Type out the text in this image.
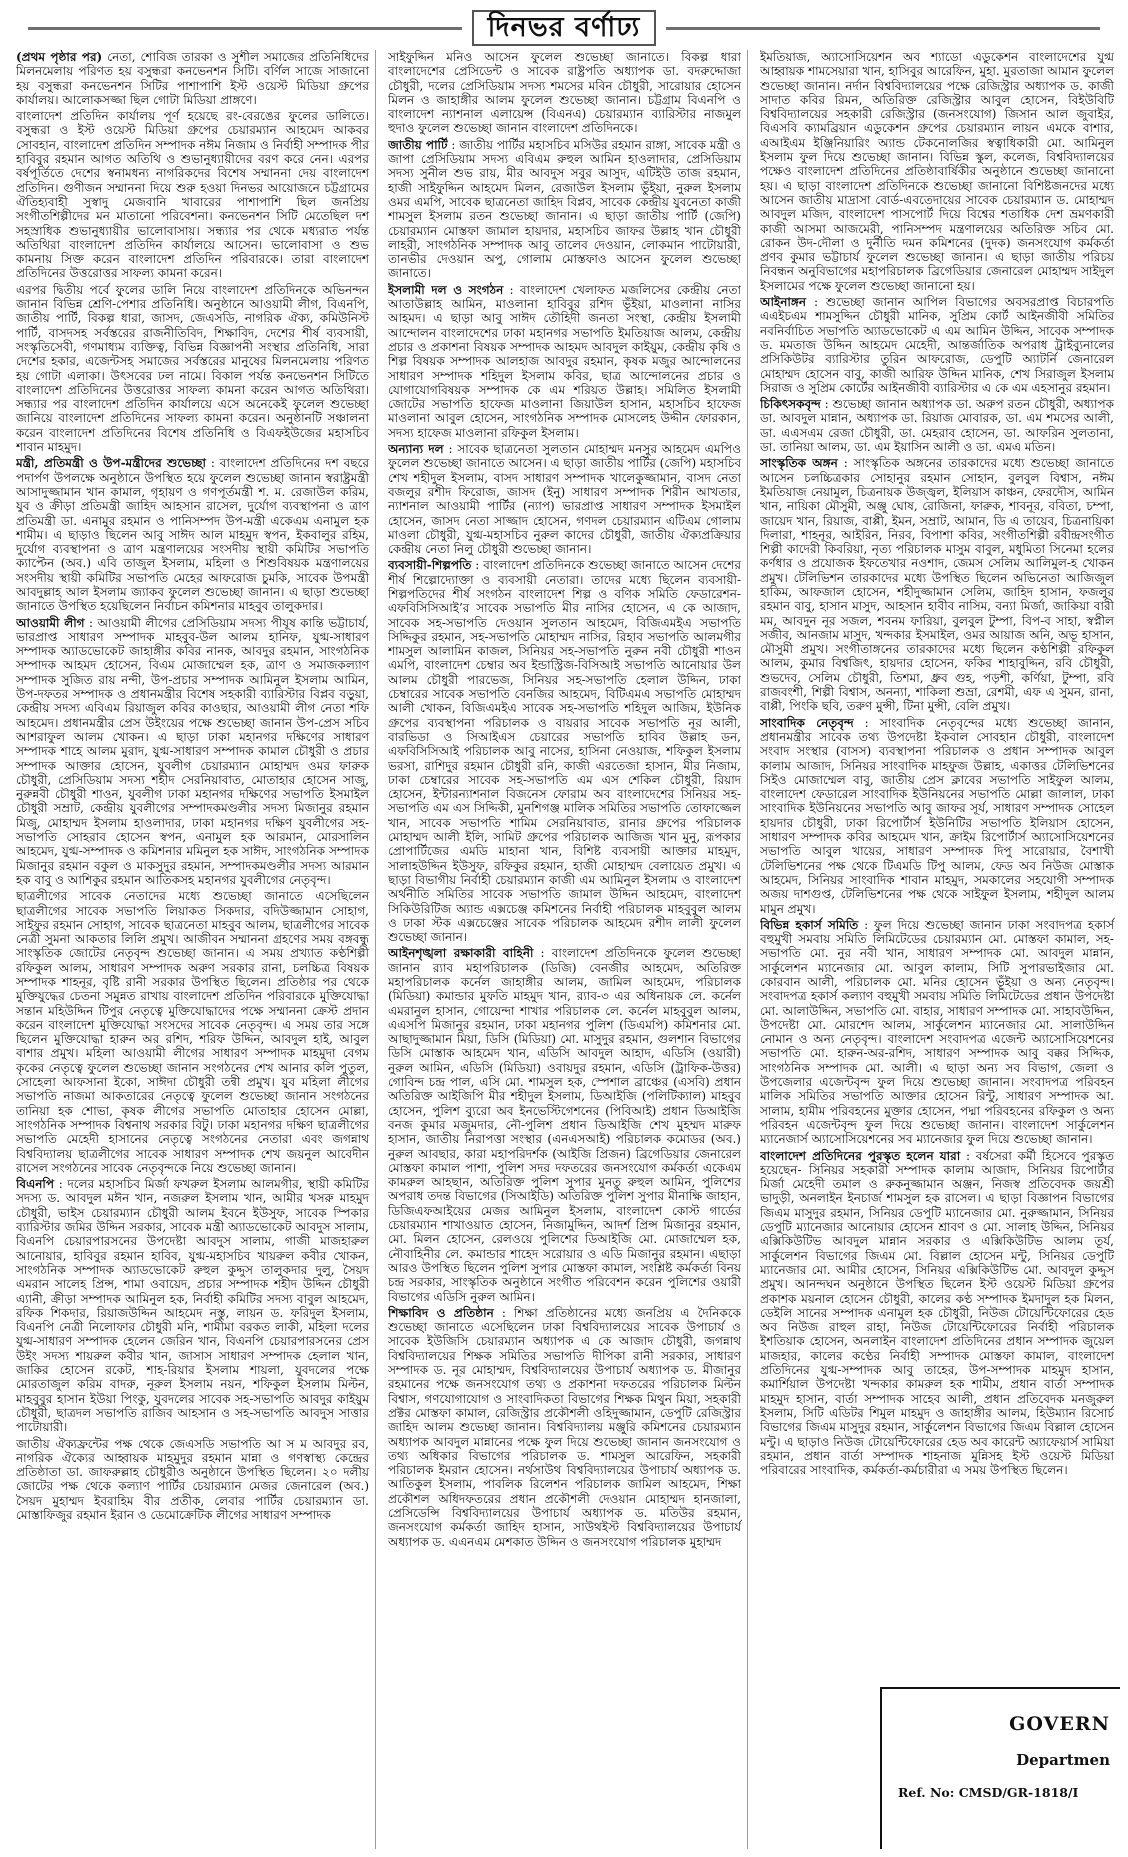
দিনভর বর্ণাঢ্য

(প্রথম পৃষ্ঠার পর) নেতা, শোবিজ তারকা ও সুশীল সমাজের প্রতিনিধিদের মিলনমেলায় পরিণত হয় বসুন্ধরা কনভেনশন সিটি। বর্ণিল সাজে সাজানো হয় বসুন্ধরা কনভেনশন সিটির পাশাপাশি ইস্ট ওয়েস্ট মিডিয়া গ্রুপের কার্যালয়। আলোকসজ্জা ছিল গোটা মিডিয়া প্রাঙ্গণে।

বাংলাদেশ প্রতিদিন কার্যালয় পূর্ণ হয়েছে রং-বেরঙের ফুলের ডালিতে। বসুন্ধরা ও ইস্ট ওয়েস্ট মিডিয়া গ্রুপের চেয়ারম্যান আহমেদ আকবর সোবহান, বাংলাদেশ প্রতিদিন সম্পাদক নঈম নিজাম ও নির্বাহী সম্পাদক পীর হাবিবুর রহমান আগত অতিথি ও শুভানুধ্যায়ীদের বরণ করে নেন। এরপর বর্ষপূর্তিতে দেশের স্বনামধন্য নাগরিকদের বিশেষ সম্মাননা দেয় বাংলাদেশ প্রতিদিন। গুণীজন সম্মাননা দিয়ে শুরু হওয়া দিনভর আয়োজনে চট্টগ্রামের ঐতিহ্যবাহী সুস্বাদু মেজবানি খাবারের পাশাপাশি ছিল জনপ্রিয় সংগীতশিল্পীদের মন মাতানো পরিবেশনা। কনভেনশন সিটি মেতেছিল দশ সহস্রাধিক শুভানুধ্যায়ীর ভালোবাসায়। সন্ধ্যার পর থেকে মধ্যরাত পর্যন্ত অতিথিরা বাংলাদেশ প্রতিদিন কার্যালয়ে আসেন। ভালোবাসা ও শুভ কামনায় সিক্ত করেন বাংলাদেশ প্রতিদিন পরিবারকে। তারা বাংলাদেশ প্রতিদিনের উত্তরোত্তর সাফল্য কামনা করেন।

এরপর দ্বিতীয় পর্বে ফুলের ডালি নিয়ে বাংলাদেশ প্রতিদিনকে অভিনন্দন জানান বিভিন্ন শ্রেণি-পেশার প্রতিনিধি। অনুষ্ঠানে আওয়ামী লীগ, বিএনপি, জাতীয় পার্টি, বিকল্প ধারা, জাসদ, জেএসডি, নাগরিক ঐক্য, কমিউনিস্ট পার্টি, বাসদসহ সর্বস্তরের রাজনীতিবিদ, শিক্ষাবিদ, দেশের শীর্ষ ব্যবসায়ী, সংস্কৃতিসেবী, গণমাধ্যম ব্যক্তিত্ব, বিভিন্ন বিজ্ঞাপনী সংস্থার প্রতিনিধি, সারা দেশের হকার, এজেন্টসহ সমাজের সর্বস্তরের মানুষের মিলনমেলায় পরিণত হয় গোটা এলাকা। উৎসবের ঢল নামে। বিকাল পর্যন্ত কনভেনশন সিটিতে বাংলাদেশ প্রতিদিনের উত্তরোত্তর সাফল্য কামনা করেন আগত অতিথিরা। সন্ধ্যার পর বাংলাদেশ প্রতিদিন কার্যালয়ে এসে অনেকেই ফুলেল শুভেচ্ছা জানিয়ে বাংলাদেশ প্রতিদিনের সাফল্য কামনা করেন। অনুষ্ঠানটি সঞ্চালনা করেন বাংলাদেশ প্রতিদিনের বিশেষ প্রতিনিধি ও বিএফইউজের মহাসচিব শাবান মাহমুদ।

মন্ত্রী, প্রতিমন্ত্রী ও উপ-মন্ত্রীদের শুভেচ্ছা : বাংলাদেশ প্রতিদিনের দশ বছরে পদার্পণ উপলক্ষে অনুষ্ঠানে উপস্থিত হয়ে ফুলেল শুভেচ্ছা জানান স্বরাষ্ট্রমন্ত্রী আসাদুজ্জামান খান কামাল, গৃহায়ণ ও গণপূর্তমন্ত্রী শ. ম. রেজাউল করিম, যুব ও ক্রীড়া প্রতিমন্ত্রী জাহিদ আহসান রাসেল, দুর্যোগ ব্যবস্থাপনা ও ত্রাণ প্রতিমন্ত্রী ডা. এনামুর রহমান ও পানিসম্পদ উপ-মন্ত্রী একেএম এনামুল হক শামীম। এ ছাড়াও ছিলেন আবু সাঈদ আল মাহমুদ স্বপন, ইকবালুর রহিম, দুর্যোগ ব্যবস্থাপনা ও ত্রাণ মন্ত্রণালয়ের সংসদীয় স্থায়ী কমিটির সভাপতি ক্যাপ্টেন (অব.) এবি তাজুল ইসলাম, মহিলা ও শিশুবিষয়ক মন্ত্রণালয়ের সংসদীয় স্থায়ী কমিটির সভাপতি মেহের আফরোজ চুমকি, সাবেক উপমন্ত্রী আবদুল্লাহ আল ইসলাম জ্যাকব ফুলেল শুভেচ্ছা জানান। এ ছাড়া শুভেচ্ছা জানাতে উপস্থিত হয়েছিলেন নির্বাচন কমিশনার মাহবুব তালুকদার।

আওয়ামী লীগ : আওয়ামী লীগের প্রেসিডিয়াম সদস্য পীযূষ কান্তি ভট্টাচার্য, ভারপ্রাপ্ত সাধারণ সম্পাদক মাহবুব-উল আলম হানিফ, যুগ্ম-সাধারণ সম্পাদক অ্যাডভোকেট জাহাঙ্গীর কবির নানক, আবদুর রহমান, সাংগঠনিক সম্পাদক আহমদ হোসেন, বিএম মোজাম্মেল হক, ত্রাণ ও সমাজকল্যাণ সম্পাদক সুজিত রায় নন্দী, উপ-প্রচার সম্পাদক আমিনুল ইসলাম আমিন, উপ-দফতর সম্পাদক ও প্রধানমন্ত্রীর বিশেষ সহকারী ব্যারিস্টার বিপ্লব বড়ুয়া, কেন্দ্রীয় সদস্য এবিএম রিয়াজুল কবির কাওছার, আওয়ামী লীগ নেতা শফি আহমেদ। প্রধানমন্ত্রীর প্রেস উইংয়ের পক্ষে শুভেচ্ছা জানান উপ-প্রেস সচিব আশরাফুল আলম খোকন। এ ছাড়া ঢাকা মহানগর দক্ষিণের সাধারণ সম্পাদক শাহে আলম মুরাদ, যুগ্ম-সাধারণ সম্পাদক কামাল চৌধুরী ও প্রচার সম্পাদক আক্তার হোসেন, যুবলীগ চেয়ারম্যান মোহাম্মদ ওমর ফারুক চৌধুরী, প্রেসিডিয়াম সদস্য শহীদ সেরনিয়াবাত, মোতাহার হোসেন সাজু, নুরুন্নবী চৌধুরী শাওন, যুবলীগ ঢাকা মহানগর দক্ষিণের সভাপতি ইসমাইল চৌধুরী সম্রাট, কেন্দ্রীয় যুবলীগের সম্পাদকমণ্ডলীর সদস্য মিজানুর রহমান মিজু, মোহাম্মদ ইসলাম হাওলাদার, ঢাকা মহানগর দক্ষিণ যুবলীগের সহ-সভাপতি সোহরাব হোসেন স্বপন, এনামুল হক আরমান, মোরসালিন আহমেদ, যুগ্ম-সম্পাদক ও কমিশনার মমিনুল হক সাঈদ, সাংগঠনিক সম্পাদক মিজানুর রহমান বকুল ও মাকসুদুর রহমান, সম্পাদকমণ্ডলীর সদস্য আরমান হক বাবু ও আশিকুর রহমান আতিকসহ মহানগর যুবলীগের নেতৃবৃন্দ।

ছাত্রলীগের সাবেক নেতাদের মধ্যে শুভেচ্ছা জানাতে এসেছিলেন ছাত্রলীগের সাবেক সভাপতি লিয়াকত সিকদার, বদিউজ্জামান সোহাগ, সাইফুর রহমান সোহাগ, সাবেক ছাত্রনেতা মাহবুব আলম, ছাত্রলীগের সাবেক নেত্রী সুমনা আকতার লিলি প্রমুখ। আজীবন সম্মাননা গ্রহণের সময় বঙ্গবন্ধু সাংস্কৃতিক জোটের নেতৃবৃন্দ শুভেচ্ছা জানান। এ সময় প্রখ্যাত কণ্ঠশিল্পী রফিকুল আলম, সাধারণ সম্পাদক অরুণ সরকার রানা, চলচ্চিত্র বিষয়ক সম্পাদক শাহনূর, বৃষ্টি রানী সরকার উপস্থিত ছিলেন। প্রতিষ্ঠার পর থেকে মুক্তিযুদ্ধের চেতনা সমুন্নত রাখায় বাংলাদেশ প্রতিদিন পরিবারকে মুক্তিযোদ্ধা সন্তান মহিউদ্দিন টিপুর নেতৃত্বে মুক্তিযোদ্ধাদের পক্ষে সম্মাননা ক্রেস্ট প্রদান করেন বাংলাদেশ মুক্তিযোদ্ধা সংসদের সাবেক নেতৃবৃন্দ। এ সময় তার সঙ্গে ছিলেন মুক্তিযোদ্ধা হারুন অর রশিদ, শরিফ উদ্দিন, আবদুল হাই, আবুল বাশার প্রমুখ। মহিলা আওয়ামী লীগের সাধারণ সম্পাদক মাহমুদা বেগম কৃকের নেতৃত্বে ফুলেল শুভেচ্ছা জানান সংগঠনের শেখ আনার কলি পুতুল, সোহেলা আফসানা ইকো, সাঈদা চৌধুরী তন্বী প্রমুখ। যুব মহিলা লীগের সভাপতি নাজমা আকতারের নেতৃত্বে ফুলেল শুভেচ্ছা জানান সংগঠনের তানিয়া হক শোভা, কৃষক লীগের সভাপতি মোতাহার হোসেন মোল্লা, সাংগঠনিক সম্পাদক বিশ্বনাথ সরকার বিটু। ঢাকা মহানগর দক্ষিণ ছাত্রলীগের সভাপতি মেহেদী হাসানের নেতৃত্বে সংগঠনের নেতারা এবং জগন্নাথ বিশ্ববিদ্যালয় ছাত্রলীগের সাবেক সাধারণ সম্পাদক শেখ জয়নুল আবেদীন রাসেল সংগঠনের সাবেক নেতৃবৃন্দকে নিয়ে শুভেচ্ছা জানান।

বিএনপি : দলের মহাসচিব মির্জা ফখরুল ইসলাম আলমগীর, স্থায়ী কমিটির সদস্য ড. আবদুল মঈন খান, নজরুল ইসলাম খান, আমীর খসরু মাহমুদ চৌধুরী, ভাইস চেয়ারম্যান চৌধুরী আলম ইবনে ইউসুফ, সাবেক স্পিকার ব্যারিস্টার জমির উদ্দিন সরকার, সাবেক মন্ত্রী অ্যাডভোকেট আবদুস সালাম, বিএনপি চেয়ারপারসনের উপদেষ্টা আবদুস সালাম, গাজী মাজহারুল আনোয়ার, হাবিবুর রহমান হাবিব, যুগ্ম-মহাসচিব খায়রুল কবীর খোকন, সাংগঠনিক সম্পাদক অ্যাডভোকেট রুহুল কুদ্দুস তালুকদার দুলু, সৈয়দ এমরান সালেহ প্রিন্স, শামা ওবায়েদ, প্রচার সম্পাদক শহীদ উদ্দিন চৌধুরী এ্যানী, ক্রীড়া সম্পাদক আমিনুল হক, নির্বাহী কমিটির সদস্য বাবুল আহমেদ, রফিক শিকদার, রিয়াজউদ্দিন আহমেদ নস্তু, লায়ন ড. ফরিদুল ইসলাম, বিএনপি নেত্রী নিলোফার চৌধুরী মনি, শামীমা বরকত লাকী, মহিলা দলের যুগ্ম-সাধারণ সম্পাদক হেলেন জেরিন খান, বিএনপি চেয়ারপারসনের প্রেস উইং সদস্য শায়রুল কবীর খান, জাসাস সাধারণ সম্পাদক হেলাল খান, জাকির হোসেন রকেট, শাহ-রিয়ার ইসলাম শায়লা, যুবদলের পক্ষে মোরতাজুল করিম বাদরু, নূরুল ইসলাম নয়ন, শফিকুল ইসলাম মিল্টন, মাহবুবুর হাসান ইউয়া পিংকু, যুবদলের সাবেক সহ-সভাপতি আবদুর কাইয়ুম চৌধুরী, ছাত্রদল সভাপতি রাজিব আহসান ও সহ-সভাপতি আবদুস সাত্তার পাটোয়ারী।

জাতীয় ঐক্যফ্রন্টের পক্ষ থেকে জেএসডি সভাপতি আ স ম আবদুর রব, নাগরিক ঐক্যের আহ্বায়ক মাহমুদুর রহমান মান্না ও গণস্বাস্থ্য কেন্দ্রের প্রতিষ্ঠাতা ডা. জাফরুল্লাহ চৌধুরীও অনুষ্ঠানে উপস্থিত ছিলেন। ২০ দলীয় জোটের পক্ষ থেকে কল্যাণ পার্টির চেয়ারম্যান মেজর জেনারেল (অব.) সৈয়দ মুহাম্মদ ইবরাহিম বীর প্রতীক, লেবার পার্টির চেয়ারম্যান ডা. মোস্তাফিজুর রহমান ইরান ও ডেমোক্রেটিক লীগের সাধারণ সম্পাদক

সাইফুদ্দিন মনিও আসেন ফুলেল শুভেচ্ছা জানাতে। বিকল্প ধারা বাংলাদেশের প্রেসিডেন্ট ও সাবেক রাষ্ট্রপতি অধ্যাপক ডা. বদরুদ্দোজা চৌধুরী, দলের প্রেসিডিয়াম সদস্য শমসের মবিন চৌধুরী, সারোয়ার হোসেন মিলন ও জাহাঙ্গীর আলম ফুলেল শুভেচ্ছা জানান। চট্টগ্রাম বিএনপি ও বাংলাদেশ ন্যাশনাল এলায়েন্স (বিএনএ) চেয়ারম্যান ব্যারিস্টার নাজমুল হুদাও ফুলেল শুভেচ্ছা জানান বাংলাদেশ প্রতিদিনকে।

জাতীয় পার্টি : জাতীয় পার্টির মহাসচিব মসিউর রহমান রাঙ্গা, সাবেক মন্ত্রী ও জাপা প্রেসিডিয়াম সদস্য এবিএম রুহুল আমিন হাওলাদার, প্রেসিডিয়াম সদস্য সুনীল শুভ রায়, মীর আবদুস সবুর আসুদ, এটিইউ তাজ রহমান, হাজী সাইফুদ্দিন আহমেদ মিলন, রেজাউল ইসলাম ভুঁইয়া, নুরুল ইসলাম ওমর এমপি, সাবেক ছাত্রনেতা জাহিদ বিপ্লব, সাবেক কেন্দ্রীয় যুবনেতা কাজী শামসুল ইসলাম রতন শুভেচ্ছা জানান। এ ছাড়া জাতীয় পার্টি (জেপি) চেয়ারম্যান মোস্তফা জামাল হায়দার, মহাসচিব জাফর উল্লাহ খান চৌধুরী লাহরী, সাংগঠনিক সম্পাদক আবু তালেব দেওয়ান, লোকমান পাটোয়ারী, তানভীর দেওয়ান অপু, গোলাম মোস্তফাও আসেন ফুলেল শুভেচ্ছা জানাতে।

ইসলামী দল ও সংগঠন : বাংলাদেশ খেলাফত মজলিসের কেন্দ্রীয় নেতা আতাউল্লাহ আমিন, মাওলানা হাবিবুর রশিদ ভূঁইয়া, মাওলানা নাসির আহমদ। এ ছাড়া আবু সাঈদ তৌহিদী জনতা সংস্থা, কেন্দ্রীয় ইসলামী আন্দোলন বাংলাদেশের ঢাকা মহানগর সভাপতি ইমতিয়াজ আলম, কেন্দ্রীয় প্রচার ও প্রকাশনা বিষয়ক সম্পাদক আহমদ আবদুল কাইয়ুম, কেন্দ্রীয় কৃষি ও শিল্প বিষয়ক সম্পাদক আলহাজ আবদুর রহমান, কৃষক মজুর আন্দোলনের সাধারণ সম্পাদক শহিদুল ইসলাম কবির, ছাত্র আন্দোলনের প্রচার ও যোগাযোগবিষয়ক সম্পাদক কে এম শরিয়ত উল্লাহ। সমিলিত ইসলামী জোটের সভাপতি হাফেজ মাওলানা জিয়াউল হাসান, মহাসচিব হাফেজ মাওলানা আবুল হোসেন, সাংগঠনিক সম্পাদক মোসলেহ উদ্দীন ফোরকান, সদস্য হাফেজ মাওলানা রফিকুল ইসলাম।

অন্যান্য দল : সাবেক ছাত্রনেতা সুলতান মোহাম্মদ মনসুর আহমেদ এমপিও ফুলেল শুভেচ্ছা জানাতে আসেন। এ ছাড়া জাতীয় পার্টির (জেপি) মহাসচিব শেখ শহীদুল ইসলাম, বাসদ সাধারণ সম্পাদক খালেকুজ্জামান, বাসদ নেতা বজলুর রশীদ ফিরোজ, জাসদ (ইনু) সাধারণ সম্পাদক শিরীন আখতার, ন্যাশনাল আওয়ামী পার্টির (ন্যাপ) ভারপ্রাপ্ত সাধারণ সম্পাদক ইসমাইল হোসেন, জাসদ নেতা সাজ্জাদ হোসেন, গণদল চেয়ারম্যান এটিএম গোলাম মাওলা চৌধুরী, যুগ্ম-মহাসচিব নুরুল কাদের চৌধুরী, জাতীয় ঐক্যপ্রক্রিয়ার কেন্দ্রীয় নেতা নিলু চৌধুরী শুভেচ্ছা জানান।

ব্যবসায়ী-শিল্পপতি : বাংলাদেশ প্রতিদিনকে শুভেচ্ছা জানাতে আসেন দেশের শীর্ষ শিল্পোদ্যোক্তা ও ব্যবসায়ী নেতারা। তাদের মধ্যে ছিলেন ব্যবসায়ী-শিল্পপতিদের শীর্ষ সংগঠন বাংলাদেশ শিল্প ও বণিক সমিতি ফেডারেশন-এফবিসিসিআই’র সাবেক সভাপতি মীর নাসির হোসেন, এ কে আজাদ, সাবেক সহ-সভাপতি দেওয়ান সুলতান আহমেদ, বিজিএমইএ সভাপতি সিদ্দিকুর রহমান, সহ-সভাপতি মোহাম্মদ নাসির, রিহাব সভাপতি আলমগীর শামসুল আলামিন কাজল, সিনিয়র সহ-সভাপতি নুরুন নবী চৌধুরী শাওন এমপি, বাংলাদেশ চেম্বার অব ইন্ডাস্ট্রিজ-বিসিআই সভাপতি আনোয়ার উল আলম চৌধুরী পারভেজ, সিনিয়র সহ-সভাপতি হেলাল উদ্দিন, ঢাকা চেম্বারের সাবেক সভাপতি বেনজির আহমেদ, বিটিএমএ সভাপতি মোহাম্মদ আলী খোকন, বিজিএমইএ সাবেক সহ-সভাপতি শহিদুল আজিম, ইউনিক গ্রুপের ব্যবস্থাপনা পরিচালক ও বায়রার সাবেক সভাপতি নূর আলী, বারভিডা ও সিআইএস চেয়ারের সভাপতি হাবিব উল্লাহ ডন, এফবিসিসিআই পরিচালক আবু নাসের, হাসিনা নেওয়াজ, শফিকুল ইসলাম ভরসা, রাশিদুর রহমান চৌধুরী রনি, কাজী এরতেজা হাসান, মীর নিজাম, ঢাকা চেম্বারের সাবেক সহ-সভাপতি এম এস শেকিল চৌধুরী, রিয়াদ হোসেন, ইন্টারন্যাশনাল বিজনেস ফোরাম অব বাংলাদেশের সিনিয়র সহ-সভাপতি এম এস সিদ্দিকী, মুনশিগঞ্জ মালিক সমিতির সভাপতি তোফাজ্জেল খান, সাবেক সভাপতি শামিম সেরনিয়াবাত, রানার গ্রুপের পরিচালক মোহাম্মদ আলী ইলি, সামিট গ্রুপের পরিচালক আজিজ খান মুনু, রূপকার প্রোপার্টিজের এমডি মাহানা খান, বিশিষ্ট ব্যবসায়ী আক্তার মাহমুদ, সালাহউদ্দিন ইউসুফ, রফিকুর রহমান, হাজী মোহাম্মদ বেলায়েত প্রমুখ। এ ছাড়া বিভাগীয় নির্বাহী চেয়ারম্যান কাজী এম আমিনুল ইসলাম ও বাংলাদেশ অর্থনীতি সমিতির সাবেক সভাপতি জামাল উদ্দিন আহমেদ, বাংলাদেশ সিকিউরিটিজ অ্যান্ড এক্সচেঞ্জ কমিশনের নির্বাহী পরিচালক মাহবুবুল আলম ও ঢাকা স্টক এক্সচেঞ্জের সাবেক পরিচালক আহমেদ রশীদ লালী ফুলেল শুভেচ্ছা জানান।

আইনশৃঙ্খলা রক্ষাকারী বাহিনী : বাংলাদেশ প্রতিদিনকে ফুলেল শুভেচ্ছা জানান র‌্যাব মহাপরিচালক (ডিজি) বেনজীর আহমেদ, অতিরিক্ত মহাপরিচালক কর্নেল জাহাঙ্গীর আলম, জামিল আহমেদ, পরিচালক (মিডিয়া) কমান্ডার মুফতি মাহমুদ খান, র‌্যাব-৩ এর অধিনায়ক লে. কর্নেল এমরানুল হাসান, গোয়েন্দা শাখার পরিচালক লে. কর্নেল মাহবুবুল আলম, এএসপি মিজানুর রহমান, ঢাকা মহানগর পুলিশ (ডিএমপি) কমিশনার মো. আছাদুজ্জামান মিয়া, ডিসি (মিডিয়া) মো. মাসুদুর রহমান, গুলশান বিভাগের ডিসি মোস্তাক আহমেদ খান, এডিসি আবদুল আহাদ, এডিসি (ওয়ারী) নুরুল আমিন, এডিসি (মিডিয়া) ওবায়দুর রহমান, এডিসি (ট্রাফিক-উত্তর) গোবিন্দ চন্দ্র পাল, এসি মো. শামসুল হক, স্পেশাল ব্রাঞ্চের (এসবি) প্রধান অতিরিক্ত আইজিপি মীর শহীদুল ইসলাম, ডিআইজি (পলিটিক্যাল) মাহবুব হোসেন, পুলিশ ব্যুরো অব ইনভেস্টিগেশনের (পিবিআই) প্রধান ডিআইজি বনজ কুমার মজুমদার, নৌ-পুলিশ প্রধান ডিআইজি শেখ মুহম্মদ মারুফ হাসান, জাতীয় নিরাপত্তা সংস্থার (এনএসআই) পরিচালক কমোডর (অব.) নুরুল আবছার, কারা মহাপরিদর্শক (আইজি প্রিজন) ব্রিগেডিয়ার জেনারেল মোস্তফা কামাল পাশা, পুলিশ সদর দফতরের জনসংযোগ কর্মকর্তা একেএম কামরুল আহছান, অতিরিক্ত পুলিশ সুপার মুনতু রুহুল আমিন, পুলিশের অপরাধ তদন্ত বিভাগের (সিআইডি) অতিরিক্ত পুলিশ সুপার মীনাক্ষি জাহান, ডিজিএফআইয়ের মেজর আমিনুল ইসলাম, বাংলাদেশ কোস্ট গার্ডের চেয়ারম্যান শাখাওয়াত হোসেন, নিজামুদ্দিন, আদর্শ প্রিন্স মিজানুর রহমান, মো. মিলন হোসেন, রেলওয়ে পুলিশের ডিআইজি মো. মোজাম্মেল হক, নৌবাহিনীর লে. কমান্ডার শাহেদ সরোয়ার ও এডি মিজানুর রহমান। এছাড়া আরও উপস্থিত ছিলেন পুলিশ সুপার মোস্তফা কামাল, সংশ্লিষ্ট কর্মকর্তা বিনয় চন্দ্র সরকার, সাংস্কৃতিক অনুষ্ঠানে সংগীত পরিবেশন করেন পুলিশের ওয়ারী বিভাগের এডিসি নুরুল আমিন।

শিক্ষাবিদ ও প্রতিষ্ঠান : শিক্ষা প্রতিষ্ঠানের মধ্যে জনপ্রিয় এ দৈনিককে শুভেচ্ছা জানাতে এসেছিলেন ঢাকা বিশ্ববিদ্যালয়ের সাবেক উপাচার্য ও সাবেক ইউজিসি চেয়ারম্যান অধ্যাপক এ কে আজাদ চৌধুরী, জগন্নাথ বিশ্ববিদ্যালয়ের শিক্ষক সমিতির সভাপতি দীপিকা রানী সরকার, সাধারণ সম্পাদক ড. নূর মোহাম্মদ, বিশ্ববিদ্যালয়ের উপাচার্য অধ্যাপক ড. মীজানুর রহমানের পক্ষে জনসংযোগ তথ্য ও প্রকাশনা দফতরের পরিচালক মিল্টন বিশ্বাস, গণযোগাযোগ ও সাংবাদিকতা বিভাগের শিক্ষক মিথুন মিয়া, সহকারী প্রক্টর মোস্তফা কামাল, রেজিস্ট্রার প্রকৌশলী ওহিদুজ্জামান, ডেপুটি রেজিস্ট্রার জাহিদ আলম শুভেচ্ছা জানান। বিশ্ববিদ্যালয় মঞ্জুরি কমিশনের চেয়ারম্যান অধ্যাপক আবদুল মান্নানের পক্ষে ফুল দিয়ে শুভেচ্ছা জানান জনসংযোগ ও তথ্য অধিকার বিভাগের পরিচালক ড. শামসুল আরেফিন, সহকারী পরিচালক ইমরান হোসেন। নর্থসাউথ বিশ্ববিদ্যালয়ের উপাচার্য অধ্যাপক ড. আতিকুল ইসলাম, পাবলিক রিলেশন পরিচালক জামিল আহমেদ, শিক্ষা প্রকৌশল অধিদফতরের প্রধান প্রকৌশলী দেওয়ান মোহাম্মদ হানজালা, প্রেসিডেন্সি বিশ্ববিদ্যালয়ের উপাচার্য অধ্যাপক ড. মতিউর রহমান, জনসংযোগ কর্মকর্তা জাহিদ হাসান, সাউথইস্ট বিশ্ববিদ্যালয়ের উপাচার্য অধ্যাপক ড. এএনএম মেশকাত উদ্দিন ও জনসংযোগ পরিচালক মুহাম্মদ

ইমতিয়াজ, অ্যাসোসিয়েশন অব শ্যাডো এডুকেশন বাংলাদেশের যুগ্ম আহ্বায়ক শামসেয়ারা খান, হাসিবুর আরেফিন, মুহা. মুরতাজা আমান ফুলেল শুভেচ্ছা জানান। নর্দান বিশ্ববিদ্যালয়ের পক্ষে রেজিস্ট্রার অধ্যাপক ড. কাজী সাদাত কবির রিমন, অতিরিক্ত রেজিস্ট্রার আবুল হোসেন, বিইউবিটি বিশ্ববিদ্যালয়ের সহকারী রেজিস্ট্রার (জনসংযোগ) জিসান আল জুবাইর, বিএসবি ক্যামব্রিয়ান এডুকেশন গ্রুপের চেয়ারম্যান লায়ন এমকে বাশার, এআইএম ইঞ্জিনিয়ারিং অ্যান্ড টেকনোলজির স্বত্বাধিকারী মো. আমিনুল ইসলাম ফুল দিয়ে শুভেচ্ছা জানান। বিভিন্ন স্কুল, কলেজ, বিশ্ববিদ্যালয়ের পক্ষেও বাংলাদেশ প্রতিদিনের প্রতিষ্ঠাবার্ষিকীর অনুষ্ঠানে শুভেচ্ছা জানানো হয়। এ ছাড়া বাংলাদেশ প্রতিদিনকে শুভেচ্ছা জানানো বিশিষ্টজনদের মধ্যে আসেন জাতীয় মাদ্রাসা বোর্ড-এবতেদায়ের সাবেক চেয়ারম্যান ড. মোহাম্মদ আবদুল মজিদ, বাংলাদেশ পাসপোর্ট দিয়ে বিশ্বের শতাধিক দেশ ভ্রমণকারী কাজী আসমা আজমেরী, পানিসম্পদ মন্ত্রণালয়ের অতিরিক্ত সচিব মো. রোকন উদ-দৌলা ও দুর্নীতি দমন কমিশনের (দুদক) জনসংযোগ কর্মকর্তা প্রণব কুমার ভট্টাচার্য ফুলেল শুভেচ্ছা জানান। এ ছাড়া জাতীয় পরিচয় নিবন্ধন অনুবিভাগের মহাপরিচালক ব্রিগেডিয়ার জেনারেল মোহাম্মদ সাইদুল ইসলামের পক্ষে ফুলেল শুভেচ্ছা জানানো হয়।

আইনাঙ্গন : শুভেচ্ছা জানান আপিল বিভাগের অবসরপ্রাপ্ত বিচারপতি এএইচএম শামসুদ্দিন চৌধুরী মানিক, সুপ্রিম কোর্ট আইনজীবী সমিতির নবনির্বাচিত সভাপতি অ্যাডভোকেট এ এম আমিন উদ্দিন, সাবেক সম্পাদক ড. মমতাজ উদ্দিন আহমেদ মেহেদী, আন্তর্জাতিক অপরাধ ট্রাইব্যুনালের প্রসিকিউটর ব্যারিস্টার তুরিন আফরোজ, ডেপুটি অ্যাটর্নি জেনারেল মোহাম্মদ হোসেন বাবু, কাজী আরিফ উদ্দিন মানিক, শেখ সিরাজুল ইসলাম সিরাজ ও সুপ্রিম কোর্টের আইনজীবী ব্যারিস্টার এ কে এম এহসানুর রহমান।

চিকিৎসকবৃন্দ : শুভেচ্ছা জানান অধ্যাপক ডা. অরুপ রতন চৌধুরী, অধ্যাপক ডা. আবদুল মান্নান, অধ্যাপক ডা. রিয়াজ মোবারক, ডা. এম শমসের আলী, ডা. এএসএম রেজা চৌধুরী, ডা. মেহরাব হোসেন, ডা. আফরিন সুলতানা, ডা. তানিয়া আলম, ডা. এম ইয়াসিন আলী ও ডা. এমএ মতিন।

সাংস্কৃতিক অঙ্গন : সাংস্কৃতিক অঙ্গনের তারকাদের মধ্যে শুভেচ্ছা জানাতে আসেন চলচ্চিত্রকার সোহানুর রহমান সোহান, বুলবুল বিশ্বাস, নঈম ইমতিয়াজ নেয়ামুল, চিত্রনায়ক উজ্জ্বল, ইলিয়াস কাঞ্চন, ফেরদৌস, আমিন খান, নায়িকা মৌসুমী, অঞ্জু ঘোষ, রোজিনা, ফারুক, শাবনূর, ববিতা, চম্পা, জায়েদ খান, রিয়াজ, বাপ্পী, ইমন, সম্রাট, আমান, ডি এ তায়েব, চিত্রনায়িকা দিলারা, শাহনূর, আইরিন, নিরব, বিপাশা কবির, সংগীতশিল্পী রবীন্দ্রসংগীত শিল্পী কাদেরী কিবরিয়া, নৃত্য পরিচালক মাসুম বাবুল, মধুমিতা সিনেমা হলের কর্ণধার ও প্রযোজক ইফতেখার নওশাদ, জেমস সেলিম আলিমুল-হ খোকন প্রমুখ। টেলিভিশন তারকাদের মধ্যে উপস্থিত ছিলেন অভিনেতা আজিজুল হাকিম, আফজাল হোসেন, শহীদুজ্জামান সেলিম, জাহিদ হাসান, ফজলুর রহমান বাবু, হাসান মাসুদ, আহসান হাবীব নাসিম, বন্যা মির্জা, জাকিয়া বারী মম, আবদুন নূর সজল, শবনম ফারিয়া, বুলবুল টুম্পা, বিপ-ব সাহা, স্বপ্নীল সজীব, আনজাম মাসুদ, খন্দকার ইসমাইল, ওমর আয়াজ অনি, অভূ হাসান, মৌসুমী প্রমুখ। সংগীতাঙ্গনের তারকাদের মধ্যে ছিলেন কণ্ঠশিল্পী রফিকুল আলম, কুমার বিশ্বজিৎ, হায়দার হোসেন, ফকির শাহাবুদ্দিন, রবি চৌধুরী, শুভদেব, সেলিম চৌধুরী, তিশমা, ধ্রুব গুহ, পড়শী, কর্ণিয়া, টুম্পা, রবি রাজবংশী, শিল্পী বিশ্বাস, অনন্যা, শাকিলা শুভ্রা, রেশমী, এফ এ সুমন, রানা, বাপ্পী, পিংকি ছবি, তরুণ মুন্সী, টিনা মুন্সী, বেলি প্রমুখ।

সাংবাদিক নেতৃবৃন্দ : সাংবাদিক নেতৃবৃন্দের মধ্যে শুভেচ্ছা জানান, প্রধানমন্ত্রীর সাবেক তথ্য উপদেষ্টা ইকবাল সোবহান চৌধুরী, বাংলাদেশ সংবাদ সংস্থার (বাসস) ব্যবস্থাপনা পরিচালক ও প্রধান সম্পাদক আবুল কালাম আজাদ, সিনিয়র সাংবাদিক মাহফুজ উল্লাহ, একাত্তর টেলিভিশনের সিইও মোজাম্মেল বাবু, জাতীয় প্রেস ক্লাবের সভাপতি সাইফুল আলম, বাংলাদেশ ফেডারেল সাংবাদিক ইউনিয়নের সভাপতি মোল্লা জালাল, ঢাকা সাংবাদিক ইউনিয়নের সভাপতি আবু জাফর সূর্য, সাধারণ সম্পাদক সোহেল হায়দার চৌধুরী, ঢাকা রিপোর্টার্স ইউনিটির সভাপতি ইলিয়াস হোসেন, সাধারণ সম্পাদক কবির আহমেদ খান, ক্রাইম রিপোর্টার্স অ্যাসোসিয়েশনের সভাপতি আবুল খায়ের, সাধারণ সম্পাদক দিপু সারোয়ার, বৈশাখী টেলিভিশনের পক্ষ থেকে টিএমডি টিপু আলম, ফেড অব নিউজ মোস্তাক আহমেদ, সিনিয়র সাংবাদিক শাবান মাহমুদ, সমকালের সহযোগী সম্পাদক অজয় দাশগুপ্ত, টেলিভিশনের পক্ষ থেকে সাইফুল ইসলাম, শহীদুল আলম মামুন প্রমুখ।

বিভিন্ন হকার্স সমিতি : ফুল দিয়ে শুভেচ্ছা জানান ঢাকা সংবাদপত্র হকার্স বহুমুখী সমবায় সমিতি লিমিটেডের চেয়ারম্যান মো. মোস্তফা কামাল, সহ-সভাপতি মো. নুর নবী খান, সাধারণ সম্পাদক মো. আবদুল মান্নান, সার্কুলেশন ম্যানেজার মো. আবুল কালাম, সিটি সুপারভাইজার মো. কোরবান আলী, পরিচালক মো. মনির হোসেন ভূঁইয়া ও অন্য নেতৃবৃন্দ। সংবাদপত্র হকার্স কল্যাণ বহুমুখী সমবায় সমিতি লিমিটেডের প্রধান উপদেষ্টা মো. আলাউদ্দিন, সভাপতি মো. বাহার, সাধারণ সম্পাদক মো. সাহাবউদ্দিন, উপদেষ্টা মো. মোরশেদ আলম, সার্কুলেশন ম্যানেজার মো. সালাউদ্দিন নোমান ও অন্য নেতৃবৃন্দ। বাংলাদেশ সংবাদপত্র এজেন্ট অ্যাসোসিয়েশনের সভাপতি মো. হারুন-অর-রশিদ, সাধারণ সম্পাদক আবু বক্কর সিদ্দিক, সাংগঠনিক সম্পাদক মো. আলী। এ ছাড়া অন্য সব বিভাগ, জেলা ও উপজেলার এজেন্টবৃন্দ ফুল দিয়ে শুভেচ্ছা জানান। সংবাদপত্র পরিবহন মালিক সমিতির সভাপতি আক্তার হোসেন রিন্টু, সাধারণ সম্পাদক আ. সালাম, হামীম পরিবহনের মুক্তার হোসেন, পদ্মা পরিবহনের রফিকুল ও অন্য পরিবহন এজেন্টবৃন্দ ফুল দিয়ে শুভেচ্ছা জানান। বাংলাদেশ সার্কুলেশন ম্যানেজার্স অ্যাসোসিয়েশনের সব ম্যানেজার ফুল দিয়ে শুভেচ্ছা জানান।

বাংলাদেশ প্রতিদিনের পুরস্কৃত হলেন যারা : বর্ষসেরা কর্মী হিসেবে পুরস্কৃত হয়েছেন- সিনিয়র সহকারী সম্পাদক কালাম আজাদ, সিনিয়র রিপোর্টার মির্জা মেহেদী তমাল ও রুকনুজ্জামান অঞ্জন, নিজস্ব প্রতিবেদক জয়শ্রী ভাদুড়ী, অনলাইন ইনচার্জ শামসুল হক রাসেল। এ ছাড়া বিজ্ঞাপন বিভাগের জিএম মাসুদুর রহমান, সিনিয়র ডেপুটি ম্যানেজার মো. নুরুজ্জামান, সিনিয়র ডেপুটি ম্যানেজার আনোয়ার হোসেন শ্রাবণ ও মো. সালাহ উদ্দিন, সিনিয়র এক্সিকিউটিভ আবদুল মান্নান সরকার ও এক্সিকিউটিভ আলম তূর্য, সার্কুলেশন বিভাগের জিএম মো. বিল্লাল হোসেন মন্টু, সিনিয়র ডেপুটি ম্যানেজার মো. আমীর হোসেন, সিনিয়র এক্সিকিউটিভ মো. আবদুল কুদ্দুস প্রমুখ। আনন্দঘন অনুষ্ঠানে উপস্থিত ছিলেন ইস্ট ওয়েস্ট মিডিয়া গ্রুপের প্রকাশক ময়নাল হোসেন চৌধুরী, কালের কণ্ঠ সম্পাদক ইমদাদুল হক মিলন, ডেইলি সানের সম্পাদক এনামুল হক চৌধুরী, নিউজ টোয়েন্টিফোরের হেড অব নিউজ রাহুল রাহা, নিউজ টোয়েন্টিফোরের নির্বাহী পরিচালক ইশতিয়াক হোসেন, অনলাইন বাংলাদেশ প্রতিদিনের প্রধান সম্পাদক জুয়েল মাজহার, কালের কণ্ঠের নির্বাহী সম্পাদক মোস্তফা কামাল, বাংলাদেশ প্রতিদিনের যুগ্ম-সম্পাদক আবু তাহের, উপ-সম্পাদক মাহমুদ হাসান, কমার্শিয়াল উপদেষ্টা খন্দকার কামরুল হক শামীম, প্রধান বার্তা সম্পাদক মাহমুদ হাসান, বার্তা সম্পাদক সাহেব আলী, প্রধান প্রতিবেদক মনজুরুল ইসলাম, সিটি এডিটর শিমুল মাহমুদ ও জাহাঙ্গীর আলম, হিউম্যান রিসোর্চ বিভাগের জিএম মাসুদুর রহমান, সার্কুলেশন বিভাগের জিএম বিল্লাল হোসেন মন্টু। এ ছাড়াও নিউজ টোয়েন্টিফোরের হেড অব কারেন্ট অ্যাফেয়ার্স সামিয়া রহমান, প্রধান বার্তা সম্পাদক শাহনাজ মুন্নিসহ ইস্ট ওয়েস্ট মিডিয়া পরিবারের সাংবাদিক, কর্মকর্তা-কর্মচারীরা এ সময় উপস্থিত ছিলেন।

GOVERN
Departmen
Ref. No: CMSD/GR-1818/I
